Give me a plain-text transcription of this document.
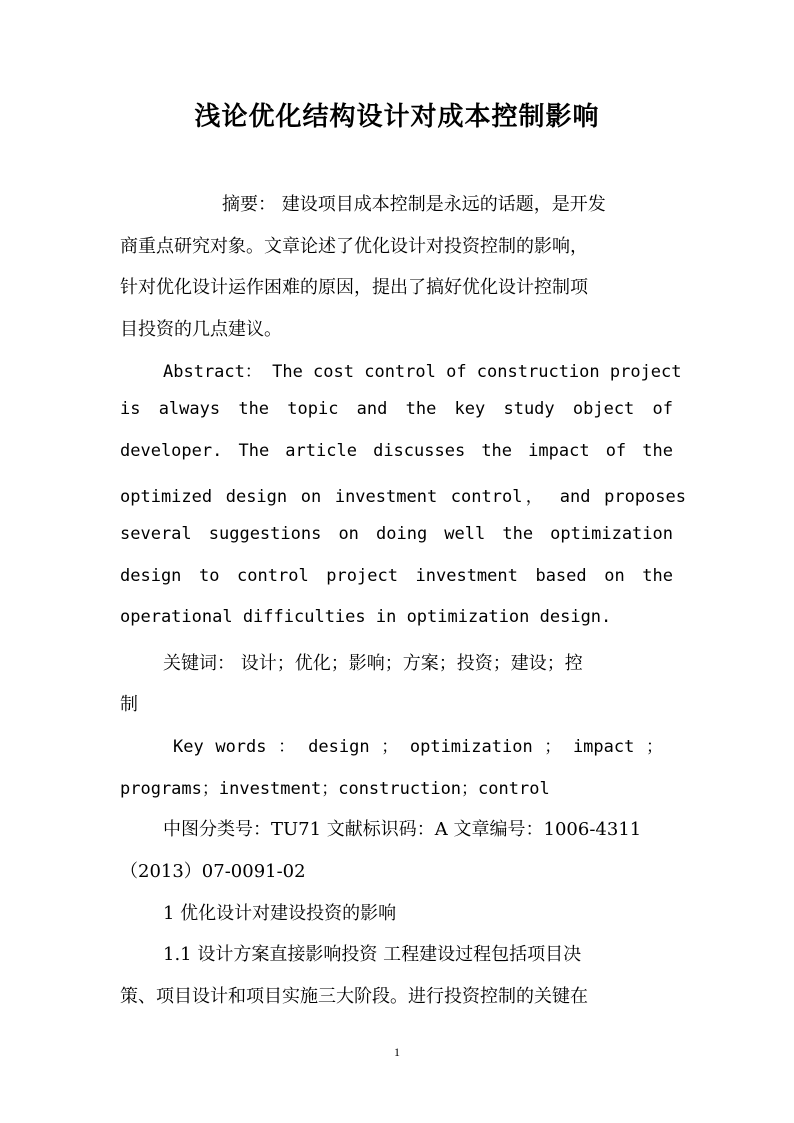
浅论优化结构设计对成本控制影响
摘要： 建设项目成本控制是永远的话题，是开发
商重点研究对象。文章论述了优化设计对投资控制的影响，
针对优化设计运作困难的原因，提出了搞好优化设计控制项
目投资的几点建议。
Abstract： The cost control of construction project
is always the topic and the key study object of
developer. The article discusses the impact of the
optimized design on investment control， and proposes
several suggestions on doing well the optimization
design to control project investment based on the
operational difficulties in optimization design.
关键词： 设计；优化；影响；方案；投资；建设；控
制
Key words ： design ； optimization ； impact ；
programs；investment；construction；control
中图分类号：TU71 文献标识码：A 文章编号：1006-4311
（2013）07-0091-02
1 优化设计对建设投资的影响
1.1 设计方案直接影响投资 工程建设过程包括项目决
策、项目设计和项目实施三大阶段。进行投资控制的关键在
1
